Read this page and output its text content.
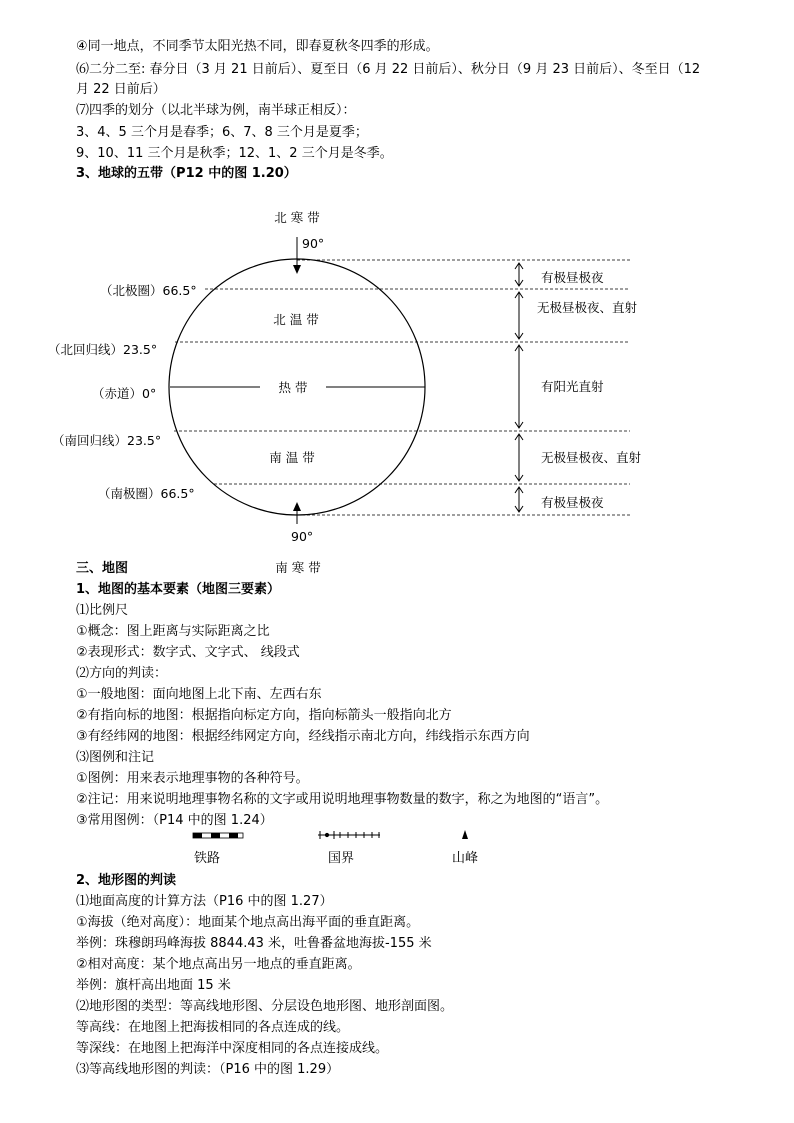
④同一地点，不同季节太阳光热不同，即春夏秋冬四季的形成。
⑹二分二至: 春分日（3 月 21 日前后）、夏至日（6 月 22 日前后）、秋分日（9 月 23 日前后）、冬至日（12
月 22 日前后）
⑺四季的划分（以北半球为例，南半球正相反）：
3、4、5 三个月是春季；6、7、8 三个月是夏季；
9、10、11 三个月是秋季；12、1、2 三个月是冬季。
3、地球的五带（P12 中的图 1.20）
北 寒 带
90°
北 温 带
热 带
南 温 带
90°
南 寒 带
（北极圈）66.5°
（北回归线）23.5°
（赤道）0°
（南回归线）23.5°
（南极圈）66.5°
有极昼极夜
无极昼极夜、直射
有阳光直射
无极昼极夜、直射
有极昼极夜
三、地图
1、地图的基本要素（地图三要素）
⑴比例尺
①概念：图上距离与实际距离之比
②表现形式：数字式、文字式、 线段式
⑵方向的判读：
①一般地图：面向地图上北下南、左西右东
②有指向标的地图：根据指向标定方向，指向标箭头一般指向北方
③有经纬网的地图：根据经纬网定方向，经线指示南北方向，纬线指示东西方向
⑶图例和注记
①图例：用来表示地理事物的各种符号。
②注记：用来说明地理事物名称的文字或用说明地理事物数量的数字，称之为地图的“语言”。
③常用图例：（P14 中的图 1.24）
铁路	国界	山峰
2、地形图的判读
⑴地面高度的计算方法（P16 中的图 1.27）
①海拔（绝对高度）：地面某个地点高出海平面的垂直距离。
举例：珠穆朗玛峰海拔 8844.43 米，吐鲁番盆地海拔-155 米
②相对高度：某个地点高出另一地点的垂直距离。
举例：旗杆高出地面 15 米
⑵地形图的类型：等高线地形图、分层设色地形图、地形剖面图。
等高线：在地图上把海拔相同的各点连成的线。
等深线：在地图上把海洋中深度相同的各点连接成线。
⑶等高线地形图的判读：（P16 中的图 1.29）
